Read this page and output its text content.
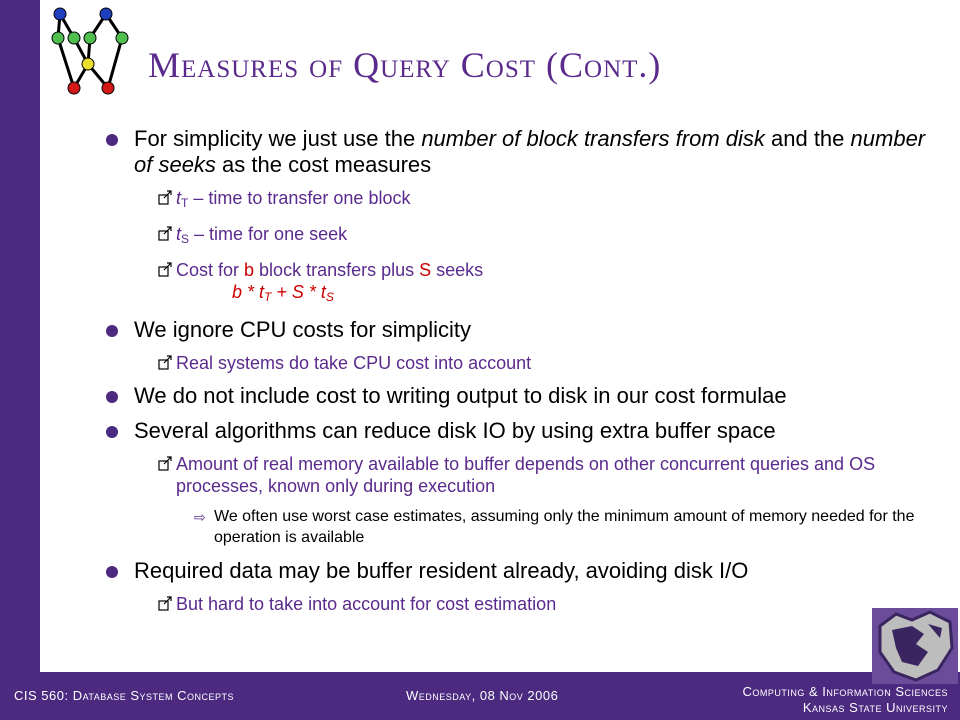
Measures of Query Cost (Cont.)
For simplicity we just use the number of block transfers from disk and the number of seeks as the cost measures
$t_T$ – time to transfer one block
$t_S$ – time for one seek
Cost for b block transfers plus S seeks
$b * t_T + S * t_S$
We ignore CPU costs for simplicity
Real systems do take CPU cost into account
We do not include cost to writing output to disk in our cost formulae
Several algorithms can reduce disk IO by using extra buffer space
Amount of real memory available to buffer depends on other concurrent queries and OS processes, known only during execution
⇨ We often use worst case estimates, assuming only the minimum amount of memory needed for the operation is available
Required data may be buffer resident already, avoiding disk I/O
But hard to take into account for cost estimation
CIS 560: Database System Concepts	Wednesday, 08 Nov 2006	Computing & Information Sciences
Kansas State University
